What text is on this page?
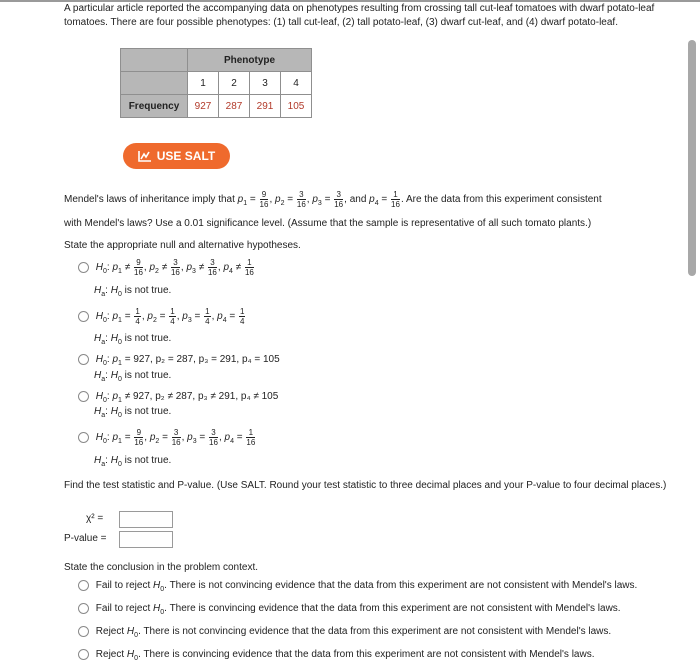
A particular article reported the accompanying data on phenotypes resulting from crossing tall cut-leaf tomatoes with dwarf potato-leaf tomatoes. There are four possible phenotypes: (1) tall cut-leaf, (2) tall potato-leaf, (3) dwarf cut-leaf, and (4) dwarf potato-leaf.
	Phenotype			
	1	2	3	4
Frequency	927	287	291	105
USE SALT
Mendel's laws of inheritance imply that $p_1 = \frac{9}{16}$ , $p_2 = \frac{3}{16}$ , $p_3 = \frac{3}{16}$ , and $p_4 = \frac{1}{16}$ . Are the data from this experiment consistent
with Mendel's laws? Use a 0.01 significance level. (Assume that the sample is representative of all such tomato plants.)
State the appropriate null and alternative hypotheses.
$H_0$: $p_1 \ne \frac{9}{16}$ , $p_2 \ne \frac{3}{16}$ , $p_3 \ne \frac{3}{16}$ , $p_4 \ne \frac{1}{16}$
$H_a$: $H_0$ is not true.
$H_0$: $p_1 = \frac{1}{4}$ , $p_2 = \frac{1}{4}$ , $p_3 = \frac{1}{4}$ , $p_4 = \frac{1}{4}$
$H_a$: $H_0$ is not true.
$H_0$: $p_1 = 927$, p₂ = 287, p₃ = 291, p₄ = 105
$H_a$: $H_0$ is not true.
$H_0$: $p_1 \ne 927$, p₂ ≠ 287, p₃ ≠ 291, p₄ ≠ 105
$H_a$: $H_0$ is not true.
$H_0$: $p_1 = \frac{9}{16}$ , $p_2 = \frac{3}{16}$ , $p_3 = \frac{3}{16}$ , $p_4 = \frac{1}{16}$
$H_a$: $H_0$ is not true.
Find the test statistic and P-value. (Use SALT. Round your test statistic to three decimal places and your P-value to four decimal places.)
χ² =
P-value =
State the conclusion in the problem context.
Fail to reject $H_0$. There is not convincing evidence that the data from this experiment are not consistent with Mendel's laws.
Fail to reject $H_0$. There is convincing evidence that the data from this experiment are not consistent with Mendel's laws.
Reject $H_0$. There is not convincing evidence that the data from this experiment are not consistent with Mendel's laws.
Reject $H_0$. There is convincing evidence that the data from this experiment are not consistent with Mendel's laws.
